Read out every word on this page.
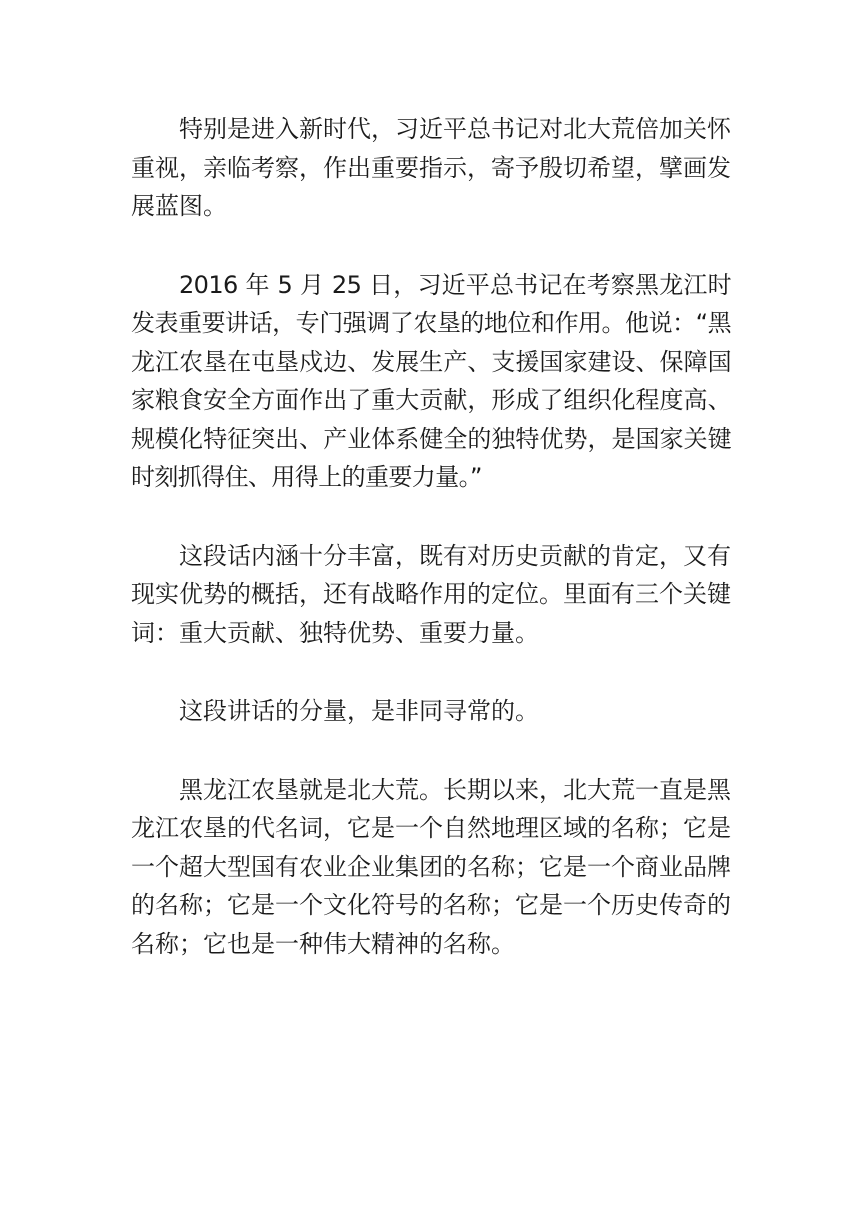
特别是进入新时代，习近平总书记对北大荒倍加关怀重视，亲临考察，作出重要指示，寄予殷切希望，擘画发展蓝图。

2016 年 5 月 25 日，习近平总书记在考察黑龙江时发表重要讲话，专门强调了农垦的地位和作用。他说：“黑龙江农垦在屯垦戍边、发展生产、支援国家建设、保障国家粮食安全方面作出了重大贡献，形成了组织化程度高、规模化特征突出、产业体系健全的独特优势，是国家关键时刻抓得住、用得上的重要力量。”

这段话内涵十分丰富，既有对历史贡献的肯定，又有现实优势的概括，还有战略作用的定位。里面有三个关键词：重大贡献、独特优势、重要力量。

这段讲话的分量，是非同寻常的。

黑龙江农垦就是北大荒。长期以来，北大荒一直是黑龙江农垦的代名词，它是一个自然地理区域的名称；它是一个超大型国有农业企业集团的名称；它是一个商业品牌的名称；它是一个文化符号的名称；它是一个历史传奇的名称；它也是一种伟大精神的名称。
